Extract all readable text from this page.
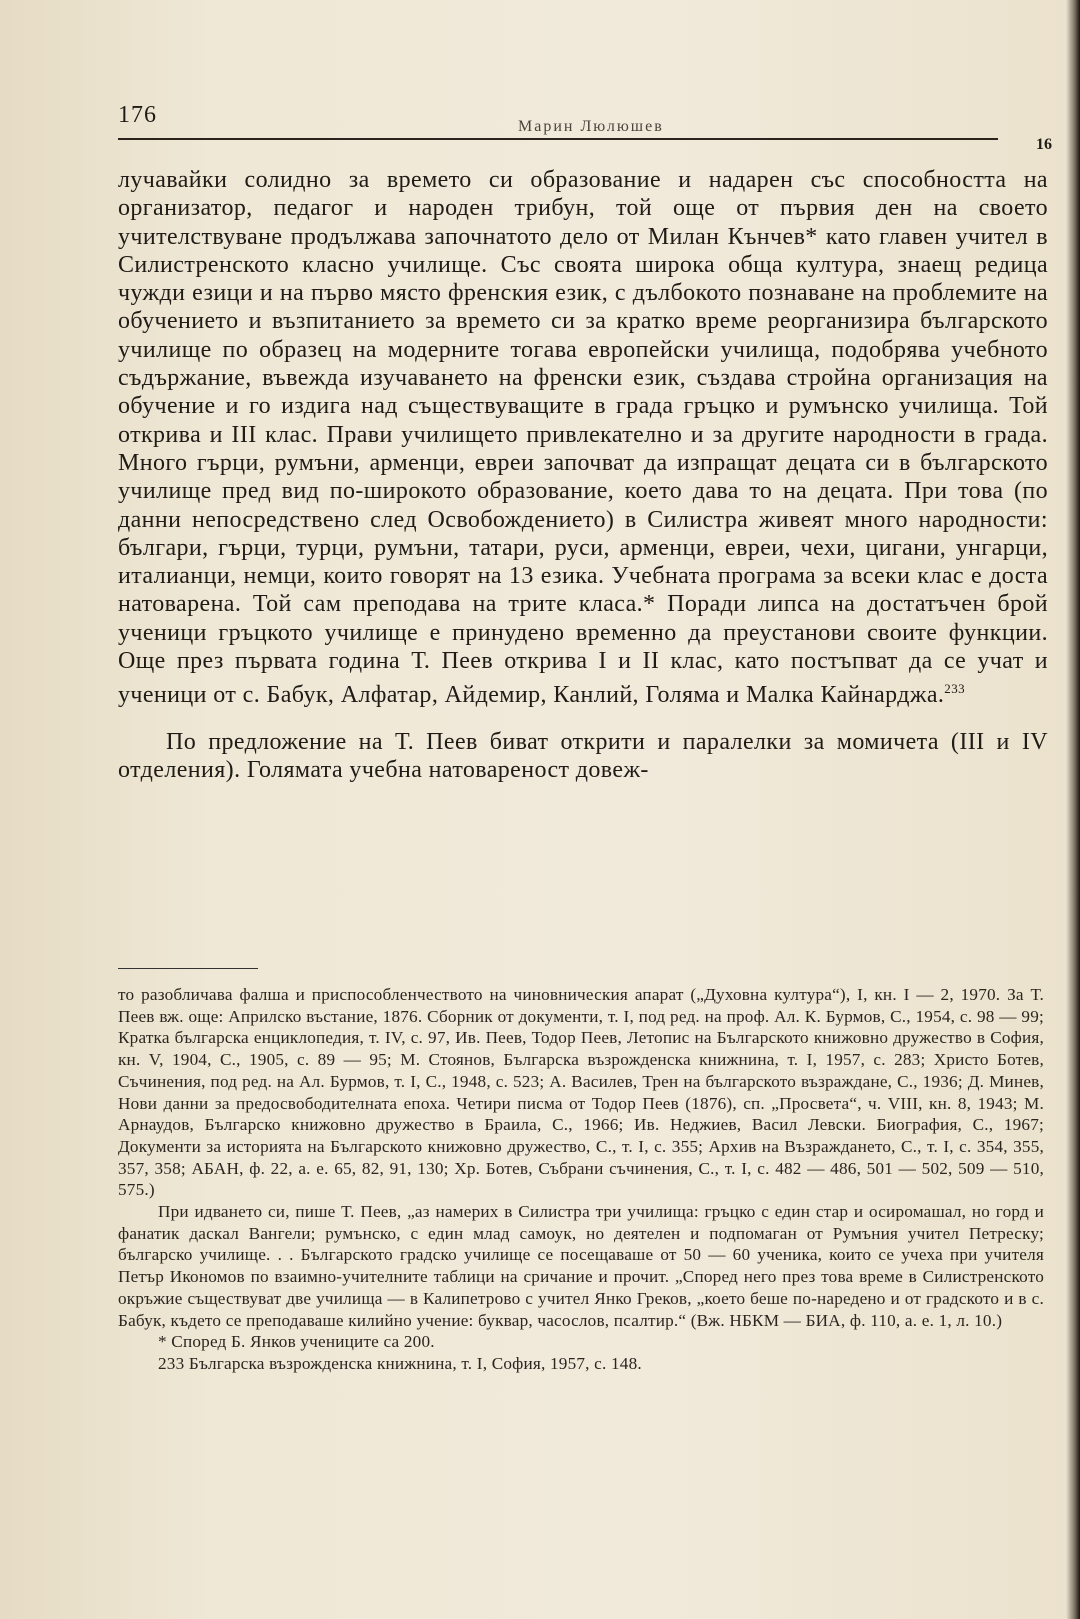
176	Марин Люлюшев
16

лучавайки солидно за времето си образование и надарен със способността на организатор, педагог и народен трибун, той още от първия ден на своето учителствуване продължава започнатото дело от Милан Кънчев* като главен учител в Силистренското класно училище. Със своята широка обща култура, знаещ редица чужди езици и на първо място френския език, с дълбокото познаване на проблемите на обучението и възпитанието за времето си за кратко време реорганизира българското училище по образец на модерните тогава европейски училища, подобрява учебното съдържание, въвежда изучаването на френски език, създава стройна организация на обучение и го издига над съществуващите в града гръцко и румънско училища. Той открива и III клас. Прави училището привлекателно и за другите народности в града. Много гърци, румъни, арменци, евреи започват да изпращат децата си в българското училище пред вид по-широкото образование, което дава то на децата. При това (по данни непосредствено след Освобождението) в Силистра живеят много народности: българи, гърци, турци, румъни, татари, руси, арменци, евреи, чехи, цигани, унгарци, италианци, немци, които говорят на 13 езика. Учебната програма за всеки клас е доста натоварена. Той сам преподава на трите класа.* Поради липса на достатъчен брой ученици гръцкото училище е принудено временно да преустанови своите функции. Още през първата година Т. Пеев открива I и II клас, като постъпват да се учат и ученици от с. Бабук, Алфатар, Айдемир, Канлий, Голяма и Малка Кайнарджа.$^{233}$

По предложение на Т. Пеев биват открити и паралелки за момичета (III и IV отделения). Голямата учебна натовареност довеж-

то разобличава фалша и приспособленчеството на чиновническия апарат („Духовна култура“), I, кн. I — 2, 1970. За Т. Пеев вж. още: Априлско въстание, 1876. Сборник от документи, т. I, под ред. на проф. Ал. К. Бурмов, С., 1954, с. 98 — 99; Кратка българска енциклопедия, т. IV, с. 97, Ив. Пеев, Тодор Пеев, Летопис на Българското книжовно дружество в София, кн. V, 1904, С., 1905, с. 89 — 95; М. Стоянов, Българска възрожденска книжнина, т. I, 1957, с. 283; Христо Ботев, Съчинения, под ред. на Ал. Бурмов, т. I, С., 1948, с. 523; А. Василев, Трен на българското възраждане, С., 1936; Д. Минев, Нови данни за предосвободителната епоха. Четири писма от Тодор Пеев (1876), сп. „Просвета“, ч. VIII, кн. 8, 1943; М. Арнаудов, Българско книжовно дружество в Браила, С., 1966; Ив. Неджиев, Васил Левски. Биография, С., 1967; Документи за историята на Българското книжовно дружество, С., т. I, с. 355; Архив на Възраждането, С., т. I, с. 354, 355, 357, 358; АБАН, ф. 22, а. е. 65, 82, 91, 130; Хр. Ботев, Събрани съчинения, С., т. I, с. 482 — 486, 501 — 502, 509 — 510, 575.)

При идването си, пише Т. Пеев, „аз намерих в Силистра три училища: гръцко с един стар и осиромашал, но горд и фанатик даскал Вангели; румънско, с един млад самоук, но деятелен и подпомаган от Румъния учител Петреску; българско училище. . . Българското градско училище се посещаваше от 50 — 60 ученика, които се учеха при учителя Петър Икономов по взаимно-учителните таблици на сричание и прочит. „Според него през това време в Силистренското окръжие съществуват две училища — в Калипетрово с учител Янко Греков, „което беше по-наредено и от градското и в с. Бабук, където се преподаваше килийно учение: буквар, часослов, псалтир.“ (Вж. НБКМ — БИА, ф. 110, а. е. 1, л. 10.)

* Според Б. Янков учениците са 200.

233 Българска възрожденска книжнина, т. I, София, 1957, с. 148.
